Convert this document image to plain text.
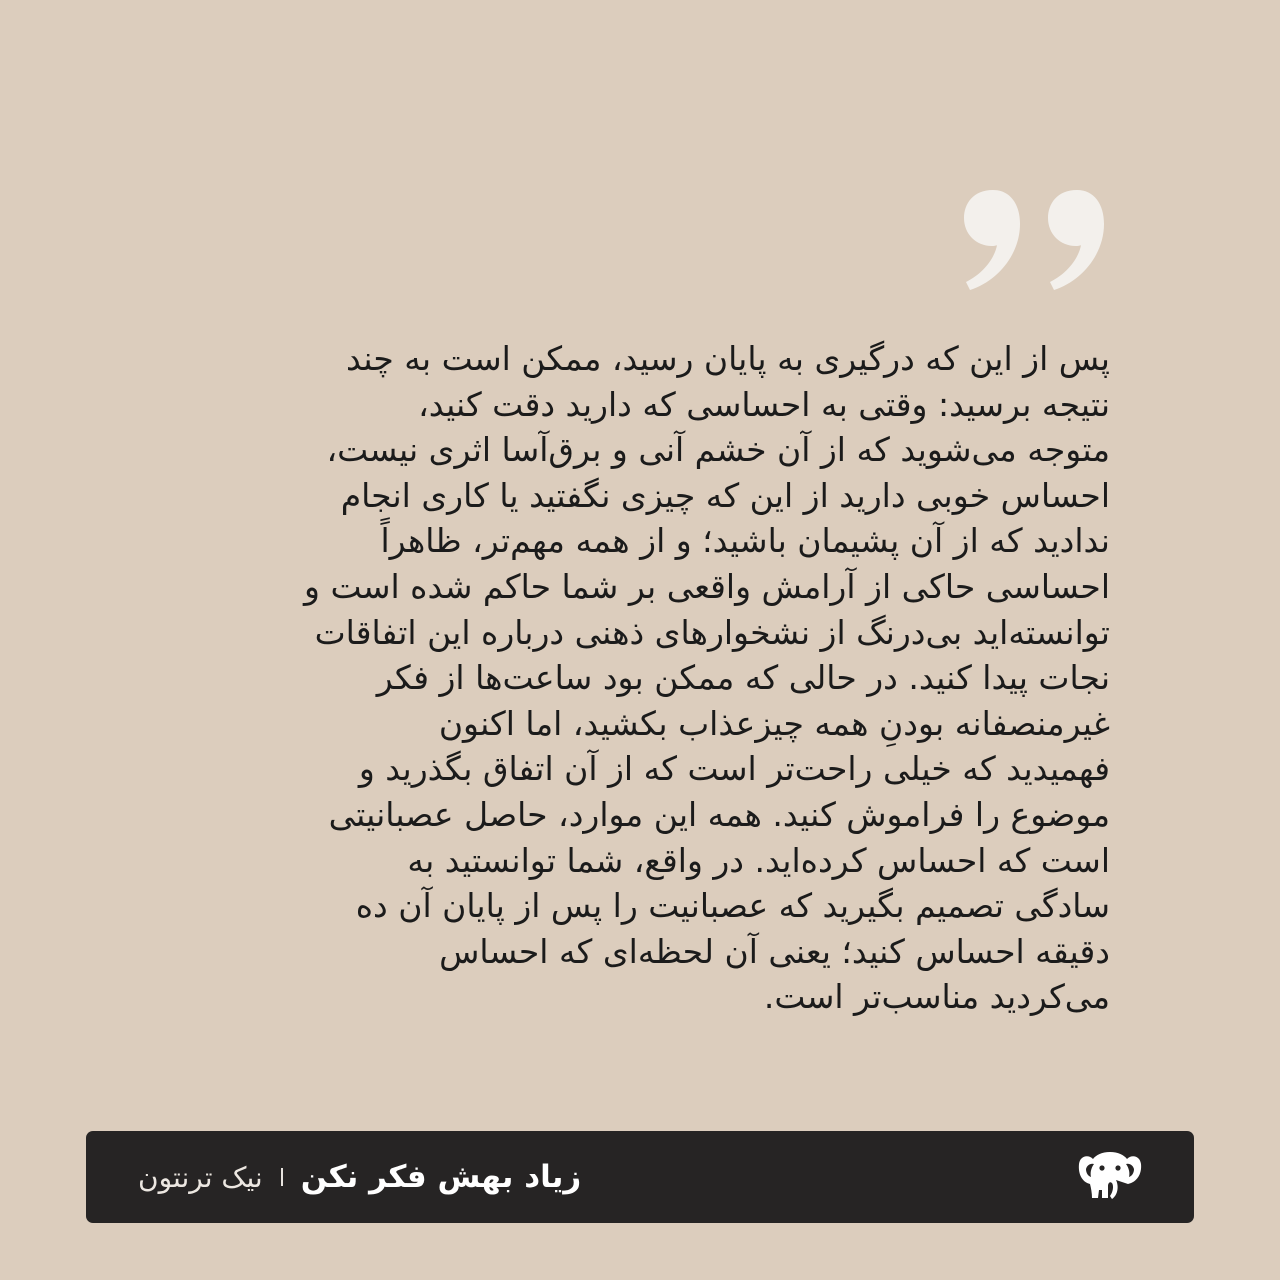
پس از این که درگیری به پایان رسید، ممکن است به چند
نتیجه برسید: وقتی به احساسی که دارید دقت کنید،
متوجه می‌شوید که از آن خشم آنی و برق‌آسا اثری نیست،
احساس خوبی دارید از این که چیزی نگفتید یا کاری انجام
ندادید که از آن پشیمان باشید؛ و از همه مهم‌تر، ظاهراً
احساسی حاکی از آرامش واقعی بر شما حاکم شده است و
توانسته‌اید بی‌درنگ از نشخوارهای ذهنی درباره این اتفاقات
نجات پیدا کنید. در حالی که ممکن بود ساعت‌ها از فکر
غیرمنصفانه بودنِ همه چیزعذاب بکشید، اما اکنون
فهمیدید که خیلی راحت‌تر است که از آن اتفاق بگذرید و
موضوع را فراموش کنید. همه این موارد، حاصل عصبانیتی
است که احساس کرده‌اید. در واقع، شما توانستید به
سادگی تصمیم بگیرید که عصبانیت را پس از پایان آن ده
دقیقه احساس کنید؛ یعنی آن لحظه‌ای که احساس
می‌کردید مناسب‌تر است.
زیاد بهش فکر نکن
نیک ترنتون
